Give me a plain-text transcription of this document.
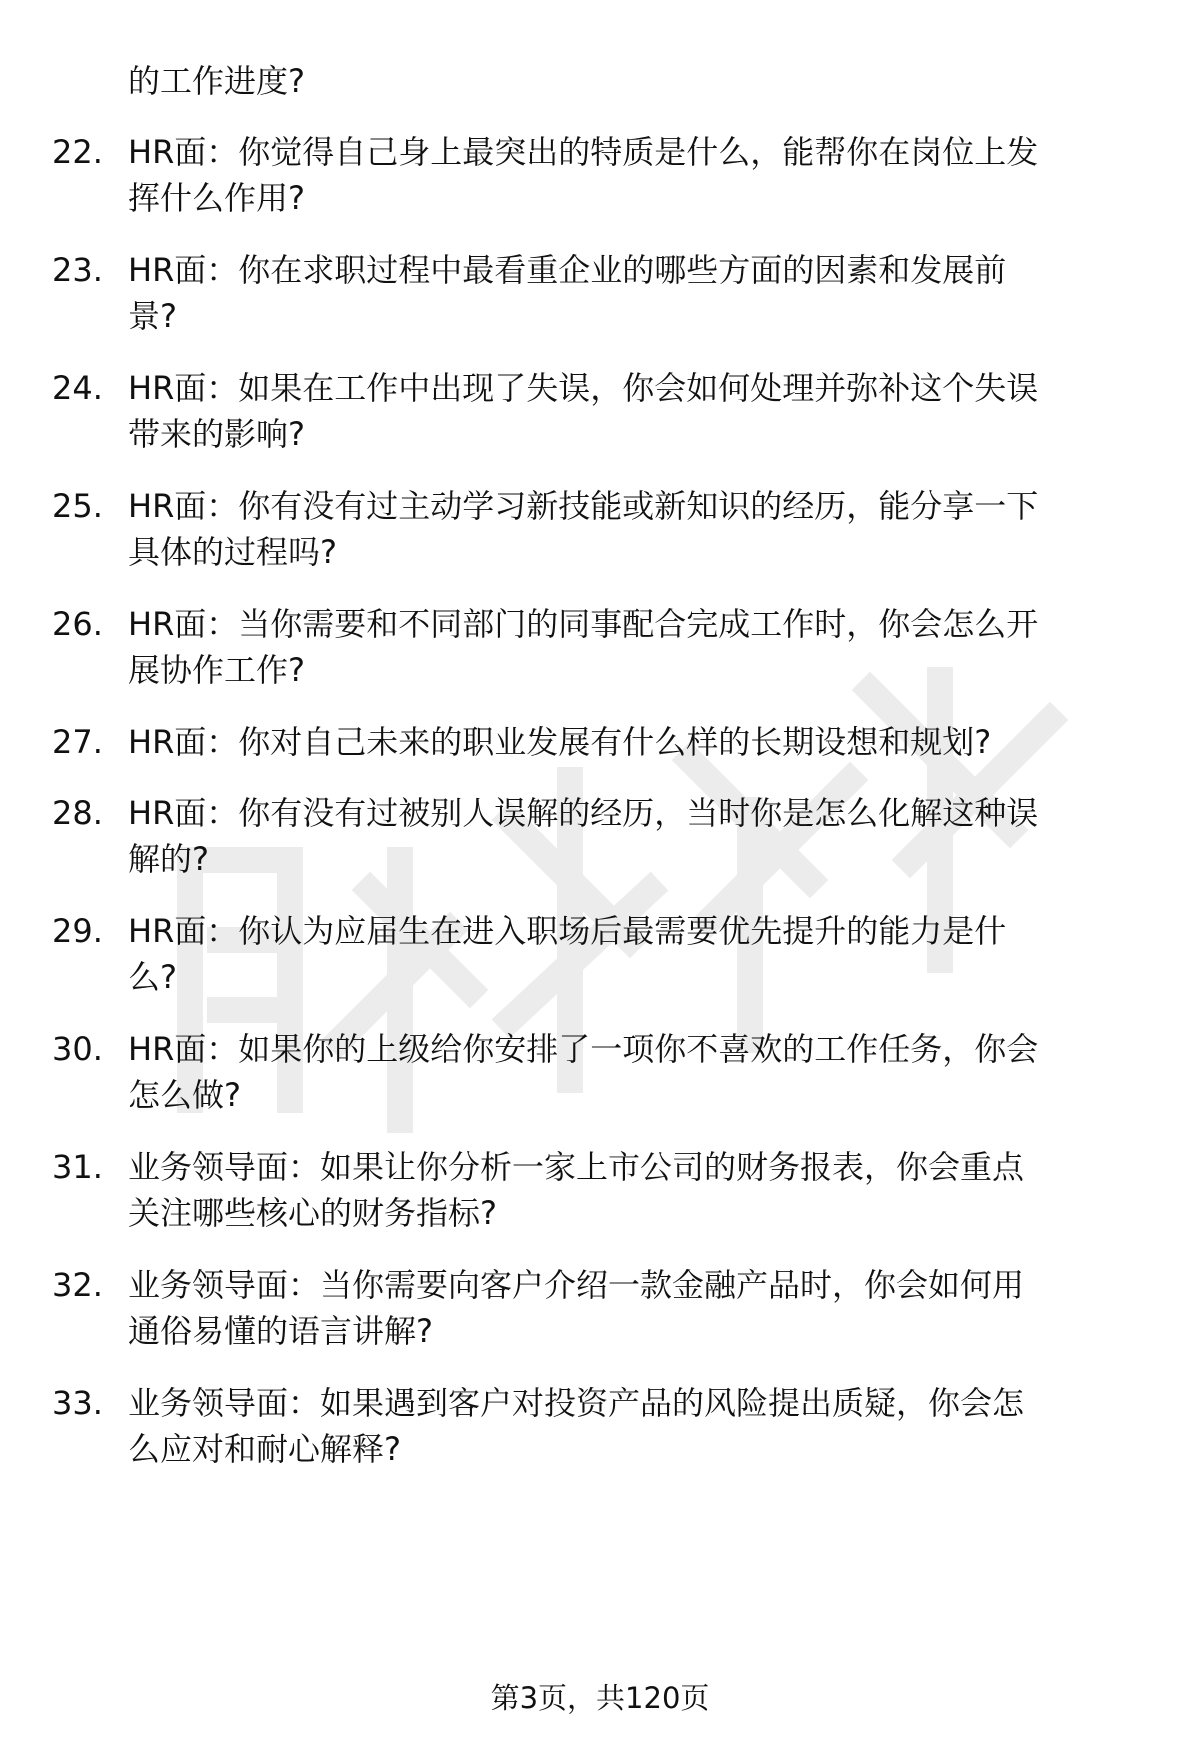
的工作进度?

22. HR面：你觉得自己身上最突出的特质是什么，能帮你在岗位上发
挥什么作用?

23. HR面：你在求职过程中最看重企业的哪些方面的因素和发展前
景?

24. HR面：如果在工作中出现了失误，你会如何处理并弥补这个失误
带来的影响?

25. HR面：你有没有过主动学习新技能或新知识的经历，能分享一下
具体的过程吗?

26. HR面：当你需要和不同部门的同事配合完成工作时，你会怎么开
展协作工作?

27. HR面：你对自己未来的职业发展有什么样的长期设想和规划?

28. HR面：你有没有过被别人误解的经历，当时你是怎么化解这种误
解的?

29. HR面：你认为应届生在进入职场后最需要优先提升的能力是什
么?

30. HR面：如果你的上级给你安排了一项你不喜欢的工作任务，你会
怎么做?

31. 业务领导面：如果让你分析一家上市公司的财务报表，你会重点
关注哪些核心的财务指标?

32. 业务领导面：当你需要向客户介绍一款金融产品时，你会如何用
通俗易懂的语言讲解?

33. 业务领导面：如果遇到客户对投资产品的风险提出质疑，你会怎
么应对和耐心解释?

第3页，共120页
